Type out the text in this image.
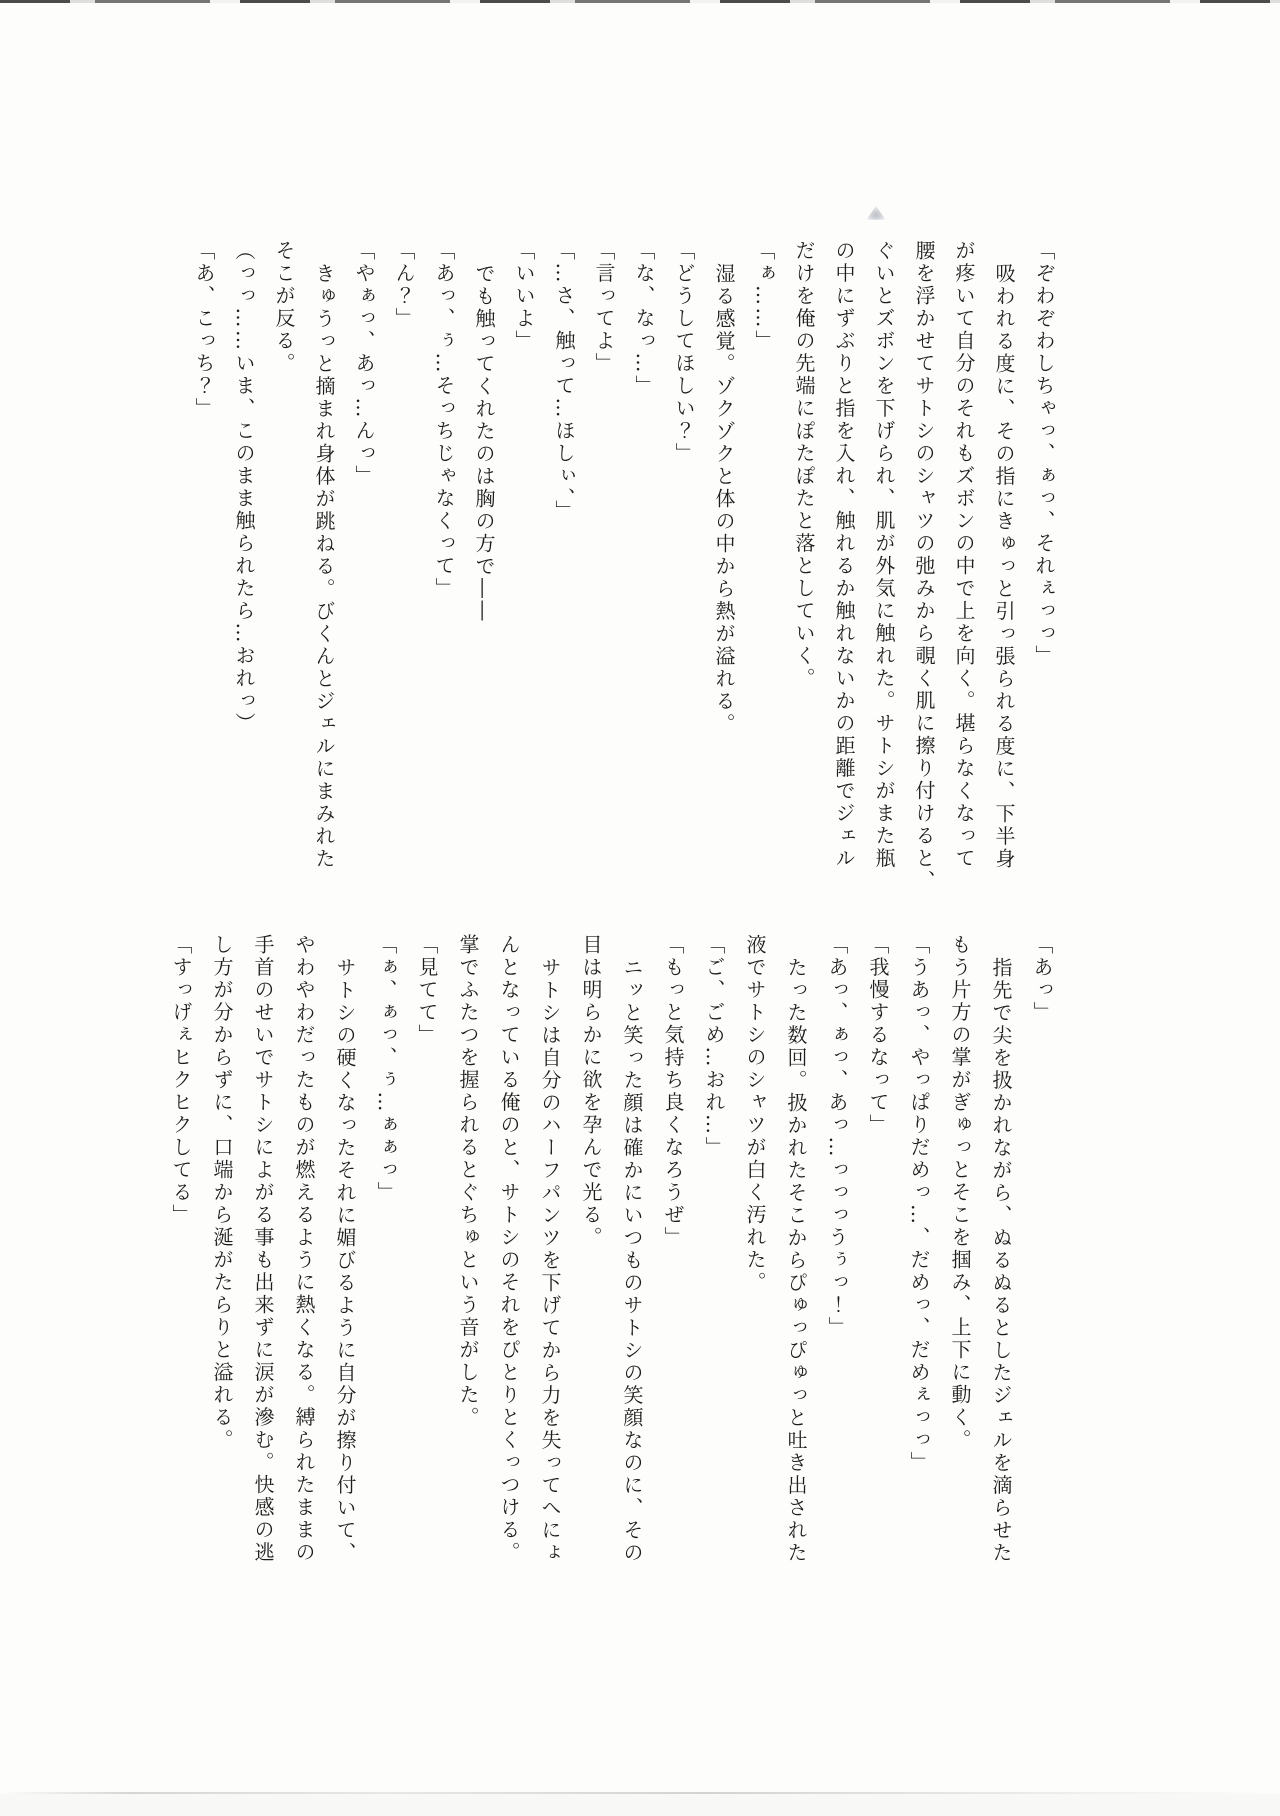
「ぞわぞわしちゃっ、ぁっ、それぇっっ」

吸われる度に、その指にきゅっと引っ張られる度に、下半身

が疼いて自分のそれもズボンの中で上を向く。堪らなくなって

腰を浮かせてサトシのシャツの弛みから覗く肌に擦り付けると、

ぐいとズボンを下げられ、肌が外気に触れた。サトシがまた瓶

の中にずぶりと指を入れ、触れるか触れないかの距離でジェル

だけを俺の先端にぽたぽたと落としていく。

「ぁ……」

湿る感覚。ゾクゾクと体の中から熱が溢れる。

「どうしてほしい？」

「な、なっ…」

「言ってよ」

「…さ、触って…ほしぃ、」

「いいよ」

でも触ってくれたのは胸の方で――

「あっ、ぅ…そっちじゃなくって」

「ん？」

「やぁっ、あっ…んっ」

きゅうっと摘まれ身体が跳ねる。びくんとジェルにまみれた

そこが反る。

（っっ……いま、このまま触られたら…おれっ）

「あ、こっち？」

「あっ」

指先で尖を扱かれながら、ぬるぬるとしたジェルを滴らせた

もう片方の掌がぎゅっとそこを掴み、上下に動く。

「うあっ、やっぱりだめっ…、だめっ、だめぇっっ」

「我慢するなって」

「あっ、ぁっ、あっ…っっっうぅっ！」

たった数回。扱かれたそこからぴゅっぴゅっと吐き出された

液でサトシのシャツが白く汚れた。

「ご、ごめ…おれ…」

「もっと気持ち良くなろうぜ」

ニッと笑った顔は確かにいつものサトシの笑顔なのに、その

目は明らかに欲を孕んで光る。

サトシは自分のハーフパンツを下げてから力を失ってへにょ

んとなっている俺のと、サトシのそれをぴとりとくっつける。

掌でふたつを握られるとぐちゅという音がした。

「見てて」

「ぁ、ぁっ、ぅ…ぁぁっ」

サトシの硬くなったそれに媚びるように自分が擦り付いて、

やわやわだったものが燃えるように熱くなる。縛られたままの

手首のせいでサトシによがる事も出来ずに涙が滲む。快感の逃

し方が分からずに、口端から涎がたらりと溢れる。

「すっげぇヒクヒクしてる」
